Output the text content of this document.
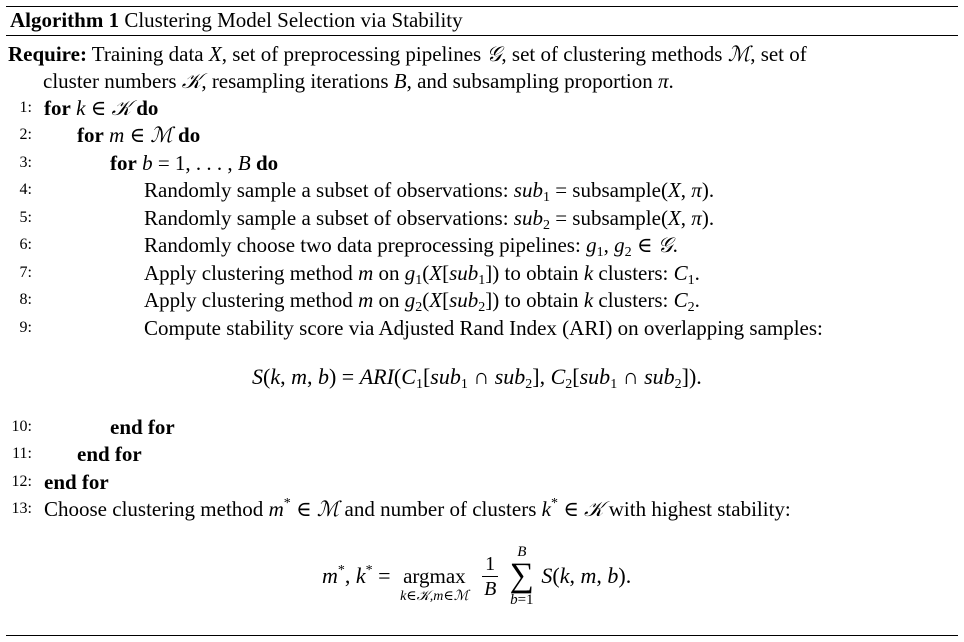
Algorithm 1 Clustering Model Selection via Stability
Require: Training data X, set of preprocessing pipelines 𝒢, set of clustering methods ℳ, set of
cluster numbers 𝒦, resampling iterations B, and subsampling proportion π.
1: for k ∈ 𝒦 do
2: for m ∈ ℳ do
3:	for b = 1, . . . , B do
4:	Randomly sample a subset of observations: sub$_1$ = subsample(X, π).
5:	Randomly sample a subset of observations: sub$_2$ = subsample(X, π).
6:	Randomly choose two data preprocessing pipelines: $g_1$, $g_2$ ∈ 𝒢.
7:	Apply clustering method m on $g_1(X[sub_1])$ to obtain k clusters: $C_1$.
8:	Apply clustering method m on $g_2(X[sub_2])$ to obtain k clusters: $C_2$.
9:	Compute stability score via Adjusted Rand Index (ARI) on overlapping samples:
S(k, m, $b) = ARI(C_1[sub_1$ ∩ sub$_2$], $C_2[sub_1$ ∩ sub$_2$]).
10:	end for
11: end for
12: end for
13: Choose clustering method m* ∈ ℳ and number of clusters k* ∈ 𝒦 with highest stability:
m*, k* = argmax
k∈𝒦,m∈ℳ
$\frac{1}{B}$
	B
∑
b=1
S(k, m, b).
